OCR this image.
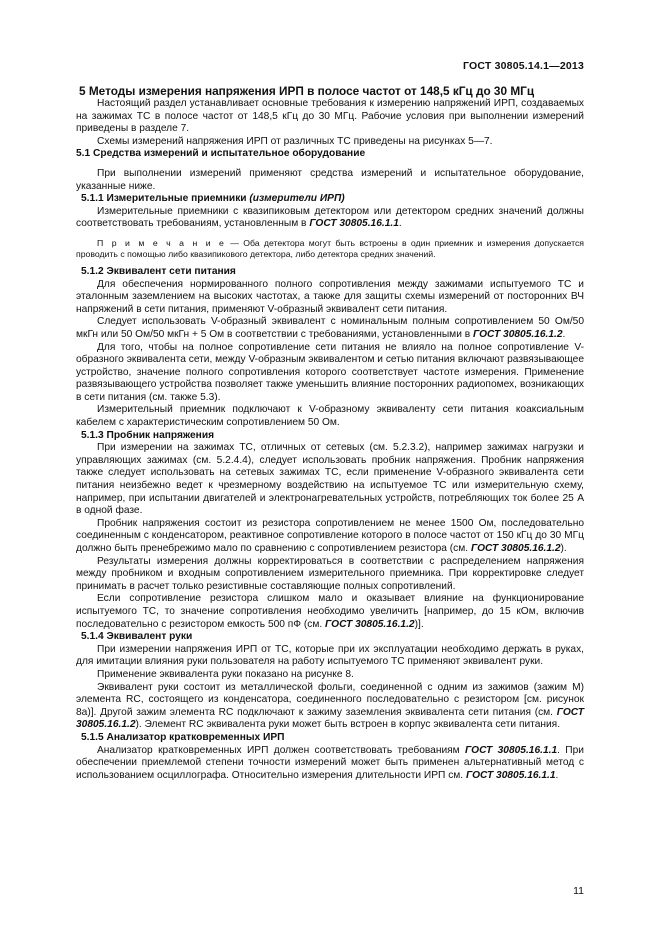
ГОСТ 30805.14.1—2013

5 Методы измерения напряжения ИРП в полосе частот от 148,5 кГц до 30 МГц

Настоящий раздел устанавливает основные требования к измерению напряжений ИРП, создаваемых на зажимах ТС в полосе частот от 148,5 кГц до 30 МГц. Рабочие условия при выполнении измерений приведены в разделе 7.

Схемы измерений напряжения ИРП от различных ТС приведены на рисунках 5—7.

5.1 Средства измерений и испытательное оборудование

При выполнении измерений применяют средства измерений и испытательное оборудование, указанные ниже.

5.1.1 Измерительные приемники (измерители ИРП)

Измерительные приемники с квазипиковым детектором или детектором средних значений должны соответствовать требованиям, установленным в ГОСТ 30805.16.1.1.

П р и м е ч а н и е — Оба детектора могут быть встроены в один приемник и измерения допускается проводить с помощью либо квазипикового детектора, либо детектора средних значений.

5.1.2 Эквивалент сети питания

Для обеспечения нормированного полного сопротивления между зажимами испытуемого ТС и эталонным заземлением на высоких частотах, а также для защиты схемы измерений от посторонних ВЧ напряжений в сети питания, применяют V-образный эквивалент сети питания.

Следует использовать V-образный эквивалент с номинальным полным сопротивлением 50 Ом/50 мкГн или 50 Ом/50 мкГн + 5 Ом в соответствии с требованиями, установленными в ГОСТ 30805.16.1.2.

Для того, чтобы на полное сопротивление сети питания не влияло на полное сопротивление V-образного эквивалента сети, между V-образным эквивалентом и сетью питания включают развязывающее устройство, значение полного сопротивления которого соответствует частоте измерения. Применение развязывающего устройства позволяет также уменьшить влияние посторонних радиопомех, возникающих в сети питания (см. также 5.3).

Измерительный приемник подключают к V-образному эквиваленту сети питания коаксиальным кабелем с характеристическим сопротивлением 50 Ом.

5.1.3 Пробник напряжения

При измерении на зажимах ТС, отличных от сетевых (см. 5.2.3.2), например зажимах нагрузки и управляющих зажимах (см. 5.2.4.4), следует использовать пробник напряжения. Пробник напряжения также следует использовать на сетевых зажимах ТС, если применение V-образного эквивалента сети питания неизбежно ведет к чрезмерному воздействию на испытуемое ТС или измерительную схему, например, при испытании двигателей и электронагревательных устройств, потребляющих ток более 25 А в одной фазе.

Пробник напряжения состоит из резистора сопротивлением не менее 1500 Ом, последовательно соединенным с конденсатором, реактивное сопротивление которого в полосе частот от 150 кГц до 30 МГц должно быть пренебрежимо мало по сравнению с сопротивлением резистора (см. ГОСТ 30805.16.1.2).

Результаты измерения должны корректироваться в соответствии с распределением напряжения между пробником и входным сопротивлением измерительного приемника. При корректировке следует принимать в расчет только резистивные составляющие полных сопротивлений.

Если сопротивление резистора слишком мало и оказывает влияние на функционирование испытуемого ТС, то значение сопротивления необходимо увеличить [например, до 15 кОм, включив последовательно с резистором емкость 500 пФ (см. ГОСТ 30805.16.1.2)].

5.1.4 Эквивалент руки

При измерении напряжения ИРП от ТС, которые при их эксплуатации необходимо держать в руках, для имитации влияния руки пользователя на работу испытуемого ТС применяют эквивалент руки.

Применение эквивалента руки показано на рисунке 8.

Эквивалент руки состоит из металлической фольги, соединенной с одним из зажимов (зажим М) элемента RC, состоящего из конденсатора, соединенного последовательно с резистором [см. рисунок 8а)]. Другой зажим элемента RC подключают к зажиму заземления эквивалента сети питания (см. ГОСТ 30805.16.1.2). Элемент RC эквивалента руки может быть встроен в корпус эквивалента сети питания.

5.1.5 Анализатор кратковременных ИРП

Анализатор кратковременных ИРП должен соответствовать требованиям ГОСТ 30805.16.1.1. При обеспечении приемлемой степени точности измерений может быть применен альтернативный метод с использованием осциллографа. Относительно измерения длительности ИРП см. ГОСТ 30805.16.1.1.

11
